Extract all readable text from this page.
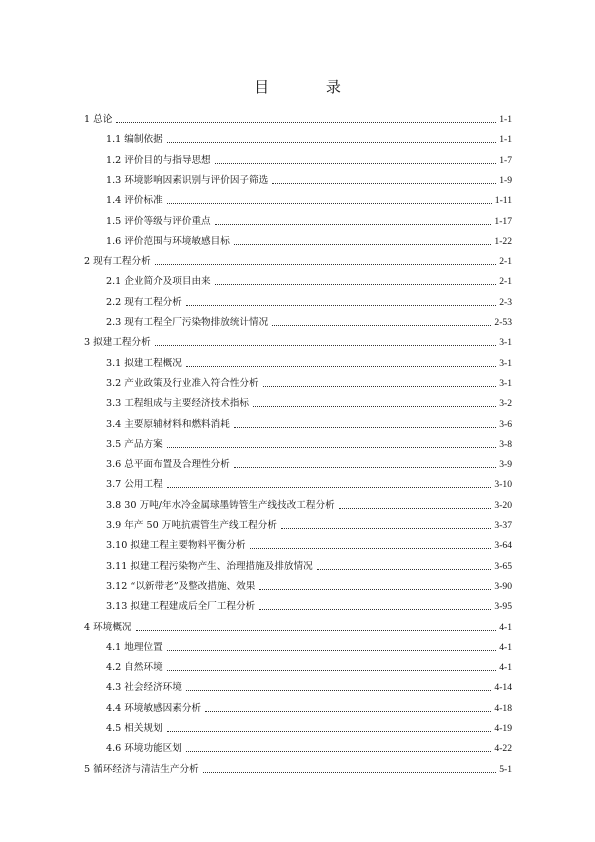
目 录
1 总论	1-1
1.1 编制依据	1-1
1.2 评价目的与指导思想	1-7
1.3 环境影响因素识别与评价因子筛选	1-9
1.4 评价标准	1-11
1.5 评价等级与评价重点	1-17
1.6 评价范围与环境敏感目标	1-22
2 现有工程分析	2-1
2.1 企业简介及项目由来	2-1
2.2 现有工程分析	2-3
2.3 现有工程全厂污染物排放统计情况	2-53
3 拟建工程分析	3-1
3.1 拟建工程概况	3-1
3.2 产业政策及行业准入符合性分析	3-1
3.3 工程组成与主要经济技术指标	3-2
3.4 主要原辅材料和燃料消耗	3-6
3.5 产品方案	3-8
3.6 总平面布置及合理性分析	3-9
3.7 公用工程	3-10
3.8 30 万吨/年水冷金属球墨铸管生产线技改工程分析	3-20
3.9 年产 50 万吨抗震管生产线工程分析	3-37
3.10 拟建工程主要物料平衡分析	3-64
3.11 拟建工程污染物产生、治理措施及排放情况	3-65
3.12 “以新带老”及整改措施、效果	3-90
3.13 拟建工程建成后全厂工程分析	3-95
4 环境概况	4-1
4.1 地理位置	4-1
4.2 自然环境	4-1
4.3 社会经济环境	4-14
4.4 环境敏感因素分析	4-18
4.5 相关规划	4-19
4.6 环境功能区划	4-22
5 循环经济与清洁生产分析	5-1
